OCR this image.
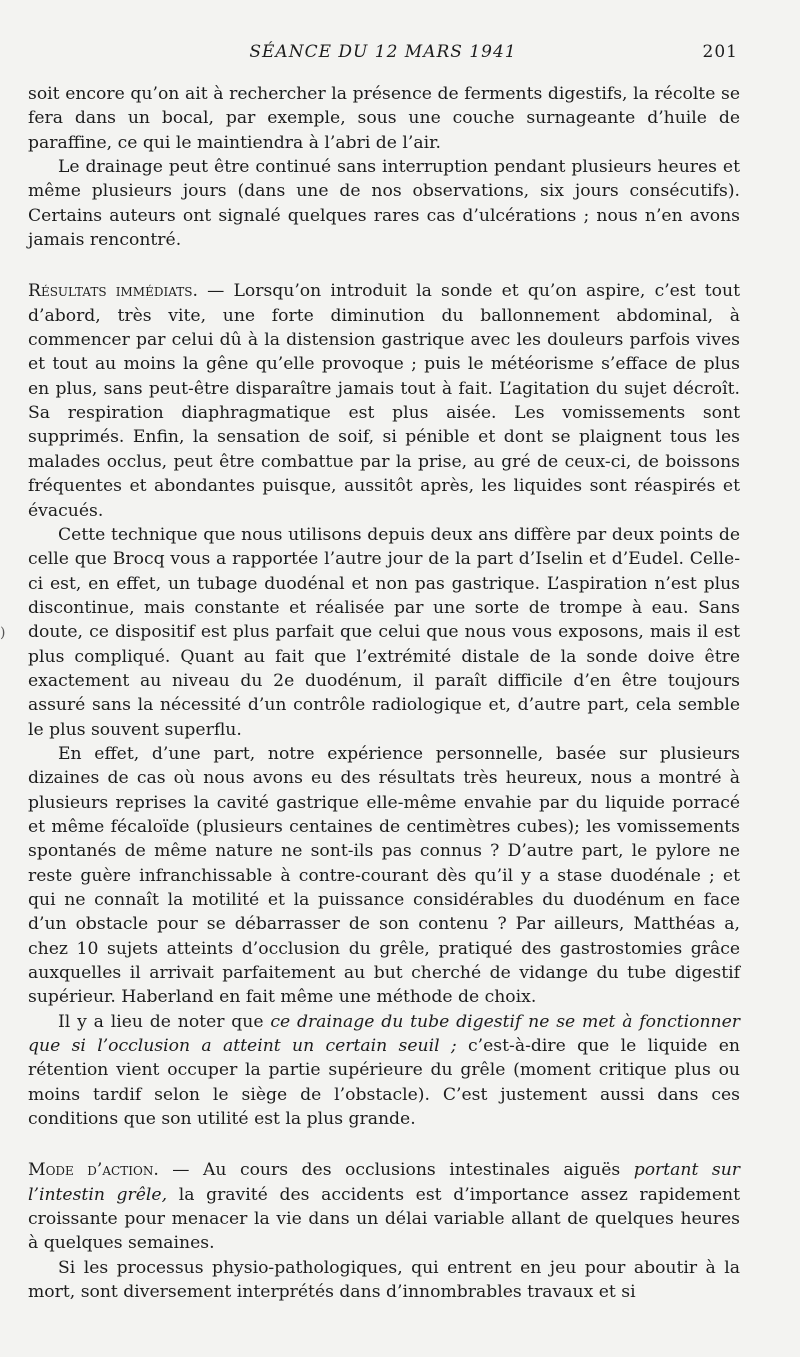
SÉANCE DU 12 MARS 1941	201
)

soit encore qu’on ait à rechercher la présence de ferments digestifs, la récolte se fera dans un bocal, par exemple, sous une couche surnageante d’huile de paraffine, ce qui le maintiendra à l’abri de l’air.

Le drainage peut être continué sans interruption pendant plusieurs heures et même plusieurs jours (dans une de nos observations, six jours consécutifs). Certains auteurs ont signalé quelques rares cas d’ulcérations ; nous n’en avons jamais rencontré.

Résultats immédiats. — Lorsqu’on introduit la sonde et qu’on aspire, c’est tout d’abord, très vite, une forte diminution du ballonnement abdominal, à commencer par celui dû à la distension gastrique avec les douleurs parfois vives et tout au moins la gêne qu’elle provoque ; puis le météorisme s’efface de plus en plus, sans peut-être disparaître jamais tout à fait. L’agitation du sujet décroît. Sa respiration diaphragmatique est plus aisée. Les vomissements sont supprimés. Enfin, la sensation de soif, si pénible et dont se plaignent tous les malades occlus, peut être combattue par la prise, au gré de ceux-ci, de boissons fréquentes et abondantes puisque, aussitôt après, les liquides sont réaspirés et évacués.

Cette technique que nous utilisons depuis deux ans diffère par deux points de celle que Brocq vous a rapportée l’autre jour de la part d’Iselin et d’Eudel. Celle-ci est, en effet, un tubage duodénal et non pas gastrique. L’aspiration n’est plus discontinue, mais constante et réalisée par une sorte de trompe à eau. Sans doute, ce dispositif est plus parfait que celui que nous vous exposons, mais il est plus compliqué. Quant au fait que l’extrémité distale de la sonde doive être exactement au niveau du 2e duodénum, il paraît difficile d’en être toujours assuré sans la nécessité d’un contrôle radiologique et, d’autre part, cela semble le plus souvent superflu.

En effet, d’une part, notre expérience personnelle, basée sur plusieurs dizaines de cas où nous avons eu des résultats très heureux, nous a montré à plusieurs reprises la cavité gastrique elle-même envahie par du liquide porracé et même fécaloïde (plusieurs centaines de centimètres cubes); les vomissements spontanés de même nature ne sont-ils pas connus ? D’autre part, le pylore ne reste guère infranchissable à contre-courant dès qu’il y a stase duodénale ; et qui ne connaît la motilité et la puissance considérables du duodénum en face d’un obstacle pour se débarrasser de son contenu ? Par ailleurs, Matthéas a, chez 10 sujets atteints d’occlusion du grêle, pratiqué des gastrostomies grâce auxquelles il arrivait parfaitement au but cherché de vidange du tube digestif supérieur. Haberland en fait même une méthode de choix.

Il y a lieu de noter que ce drainage du tube digestif ne se met à fonctionner que si l’occlusion a atteint un certain seuil ; c’est-à-dire que le liquide en rétention vient occuper la partie supérieure du grêle (moment critique plus ou moins tardif selon le siège de l’obstacle). C’est justement aussi dans ces conditions que son utilité est la plus grande.

Mode d’action. — Au cours des occlusions intestinales aiguës portant sur l’intestin grêle, la gravité des accidents est d’importance assez rapidement croissante pour menacer la vie dans un délai variable allant de quelques heures à quelques semaines.

Si les processus physio-pathologiques, qui entrent en jeu pour aboutir à la mort, sont diversement interprétés dans d’innombrables travaux et si
